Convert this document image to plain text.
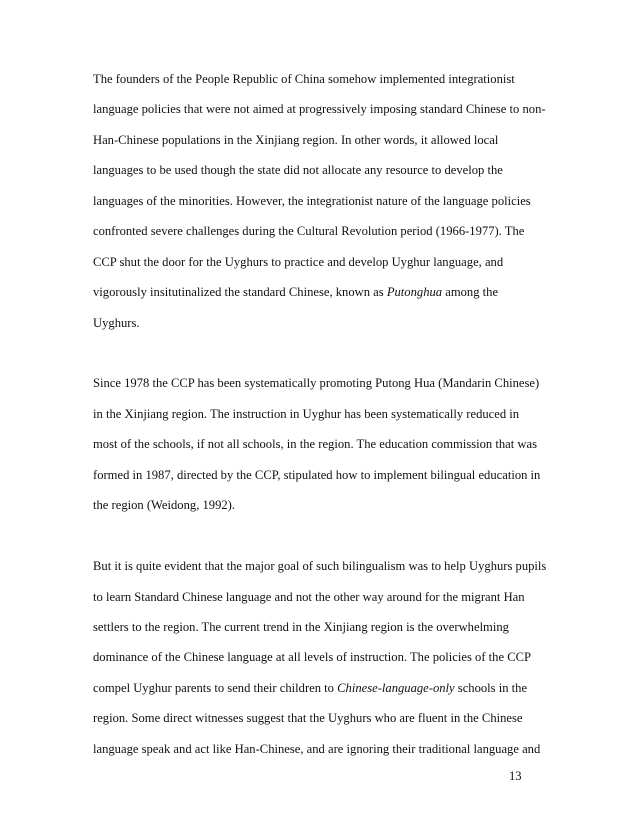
The founders of the People Republic of China somehow implemented integrationist
language policies that were not aimed at progressively imposing standard Chinese to non-
Han-Chinese populations in the Xinjiang region. In other words, it allowed local
languages to be used though the state did not allocate any resource to develop the
languages of the minorities. However, the integrationist nature of the language policies
confronted severe challenges during the Cultural Revolution period (1966-1977). The
CCP shut the door for the Uyghurs to practice and develop Uyghur language, and
vigorously insitutinalized the standard Chinese, known as Putonghua among the
Uyghurs.

Since 1978 the CCP has been systematically promoting Putong Hua (Mandarin Chinese)
in the Xinjiang region. The instruction in Uyghur has been systematically reduced in
most of the schools, if not all schools, in the region. The education commission that was
formed in 1987, directed by the CCP, stipulated how to implement bilingual education in
the region (Weidong, 1992).

But it is quite evident that the major goal of such bilingualism was to help Uyghurs pupils
to learn Standard Chinese language and not the other way around for the migrant Han
settlers to the region. The current trend in the Xinjiang region is the overwhelming
dominance of the Chinese language at all levels of instruction. The policies of the CCP
compel Uyghur parents to send their children to Chinese-language-only schools in the
region. Some direct witnesses suggest that the Uyghurs who are fluent in the Chinese
language speak and act like Han-Chinese, and are ignoring their traditional language and

13
